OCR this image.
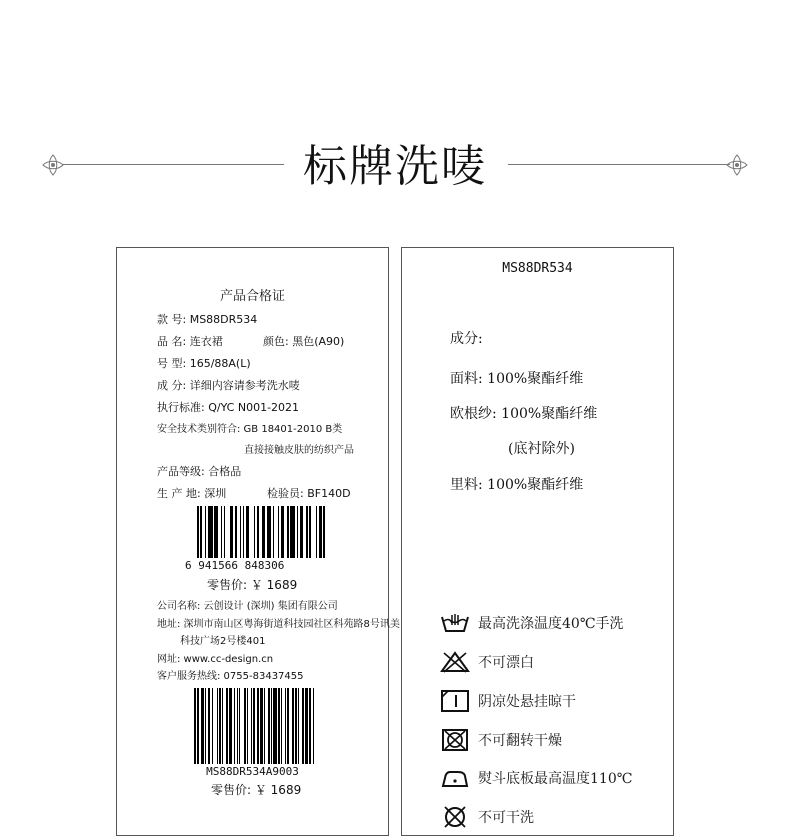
标牌洗唛
产品合格证
款 号: MS88DR534
品 名: 连衣裙	颜色: 黑色(A90)
号 型: 165/88A(L)
成 分: 详细内容请参考洗水唛
执行标准: Q/YC N001-2021
安全技术类别符合: GB 18401-2010 B类
直接接触皮肤的纺织产品
产品等级: 合格品
生 产 地: 深圳	检验员: BF140D
6 941566 848306
零售价: ￥ 1689
公司名称: 云创设计 (深圳) 集团有限公司
地址: 深圳市南山区粤海街道科技园社区科苑路8号讯美
科技广场2号楼401
网址: www.cc-design.cn
客户服务热线: 0755-83437455
MS88DR534A9003
零售价: ￥ 1689
MS88DR534
成分:
面料: 100%聚酯纤维
欧根纱: 100%聚酯纤维
(底衬除外)
里料: 100%聚酯纤维
最高洗涤温度40℃手洗
不可漂白
阴凉处悬挂晾干
不可翻转干燥
熨斗底板最高温度110℃
不可干洗
